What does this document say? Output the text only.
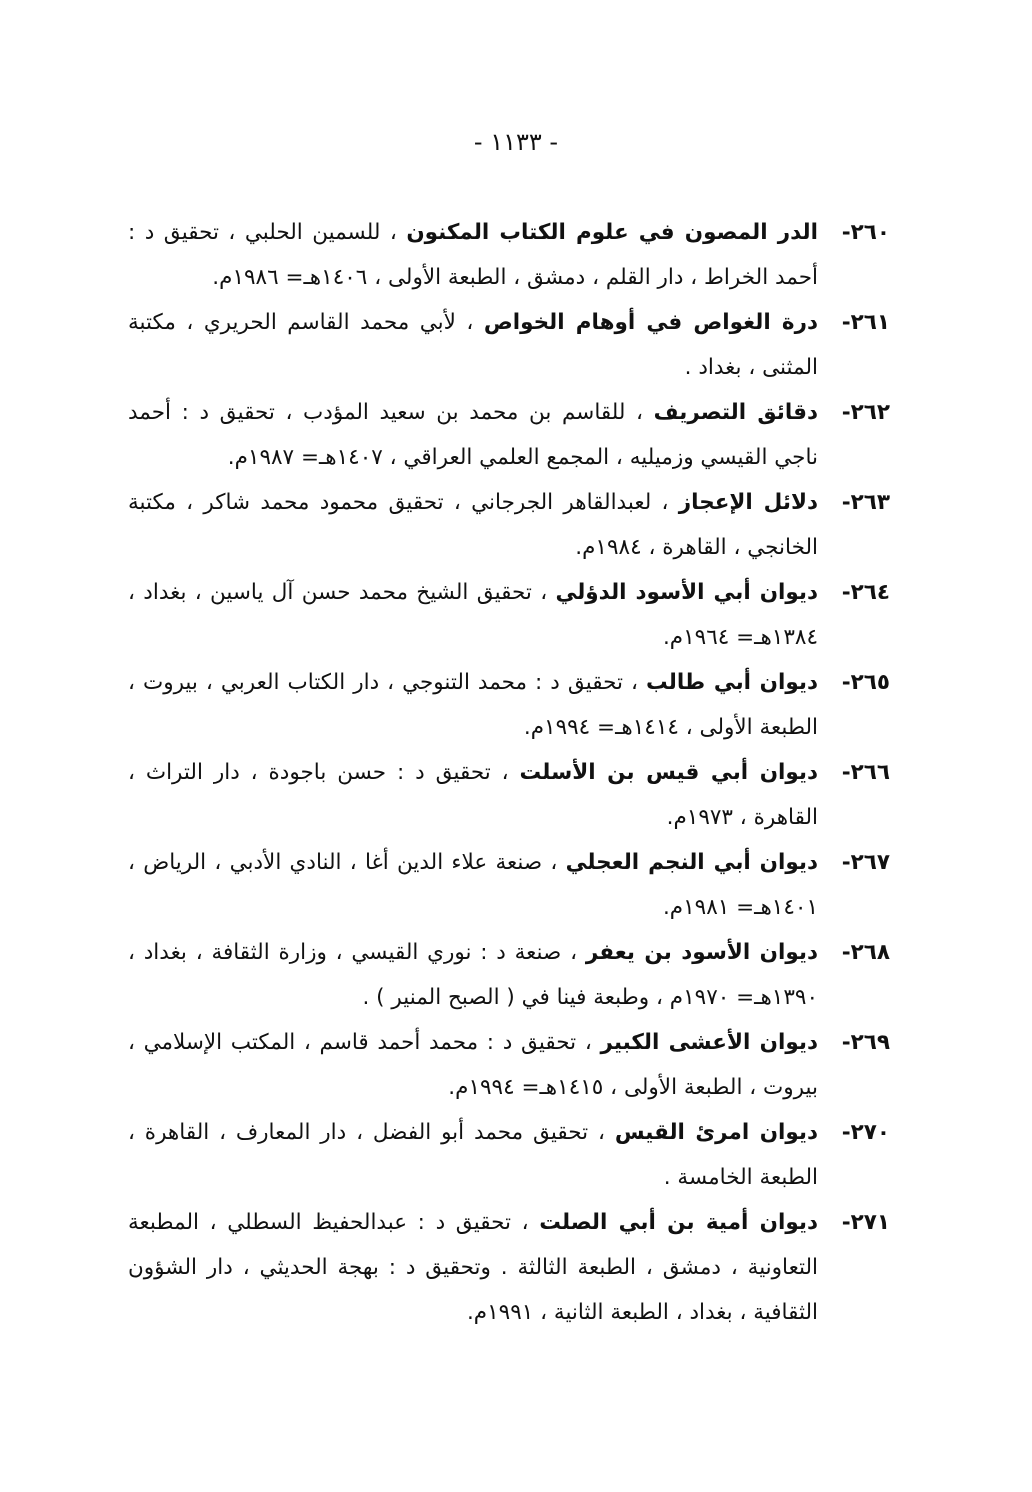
- ١١٣٣ -
٢٦٠-
الدر المصون في علوم الكتاب المكنون ، للسمين الحلبي ، تحقيق د : أحمد الخراط ، دار القلم ، دمشق ، الطبعة الأولى ، ١٤٠٦هـ= ١٩٨٦م.
٢٦١-
درة الغواص في أوهام الخواص ، لأبي محمد القاسم الحريري ، مكتبة المثنى ، بغداد .
٢٦٢-
دقائق التصريف ، للقاسم بن محمد بن سعيد المؤدب ، تحقيق د : أحمد ناجي القيسي وزميليه ، المجمع العلمي العراقي ، ١٤٠٧هـ= ١٩٨٧م.
٢٦٣-
دلائل الإعجاز ، لعبدالقاهر الجرجاني ، تحقيق محمود محمد شاكر ، مكتبة الخانجي ، القاهرة ، ١٩٨٤م.
٢٦٤-
ديوان أبي الأسود الدؤلي ، تحقيق الشيخ محمد حسن آل ياسين ، بغداد ، ١٣٨٤هـ= ١٩٦٤م.
٢٦٥-
ديوان أبي طالب ، تحقيق د : محمد التنوجي ، دار الكتاب العربي ، بيروت ، الطبعة الأولى ، ١٤١٤هـ= ١٩٩٤م.
٢٦٦-
ديوان أبي قيس بن الأسلت ، تحقيق د : حسن باجودة ، دار التراث ، القاهرة ، ١٩٧٣م.
٢٦٧-
ديوان أبي النجم العجلي ، صنعة علاء الدين أغا ، النادي الأدبي ، الرياض ، ١٤٠١هـ= ١٩٨١م.
٢٦٨-
ديوان الأسود بن يعفر ، صنعة د : نوري القيسي ، وزارة الثقافة ، بغداد ، ١٣٩٠هـ= ١٩٧٠م ، وطبعة فينا في ( الصبح المنير ) .
٢٦٩-
ديوان الأعشى الكبير ، تحقيق د : محمد أحمد قاسم ، المكتب الإسلامي ، بيروت ، الطبعة الأولى ، ١٤١٥هـ= ١٩٩٤م.
٢٧٠-
ديوان امرئ القيس ، تحقيق محمد أبو الفضل ، دار المعارف ، القاهرة ، الطبعة الخامسة .
٢٧١-
ديوان أمية بن أبي الصلت ، تحقيق د : عبدالحفيظ السطلي ، المطبعة التعاونية ، دمشق ، الطبعة الثالثة . وتحقيق د : بهجة الحديثي ، دار الشؤون الثقافية ، بغداد ، الطبعة الثانية ، ١٩٩١م.
